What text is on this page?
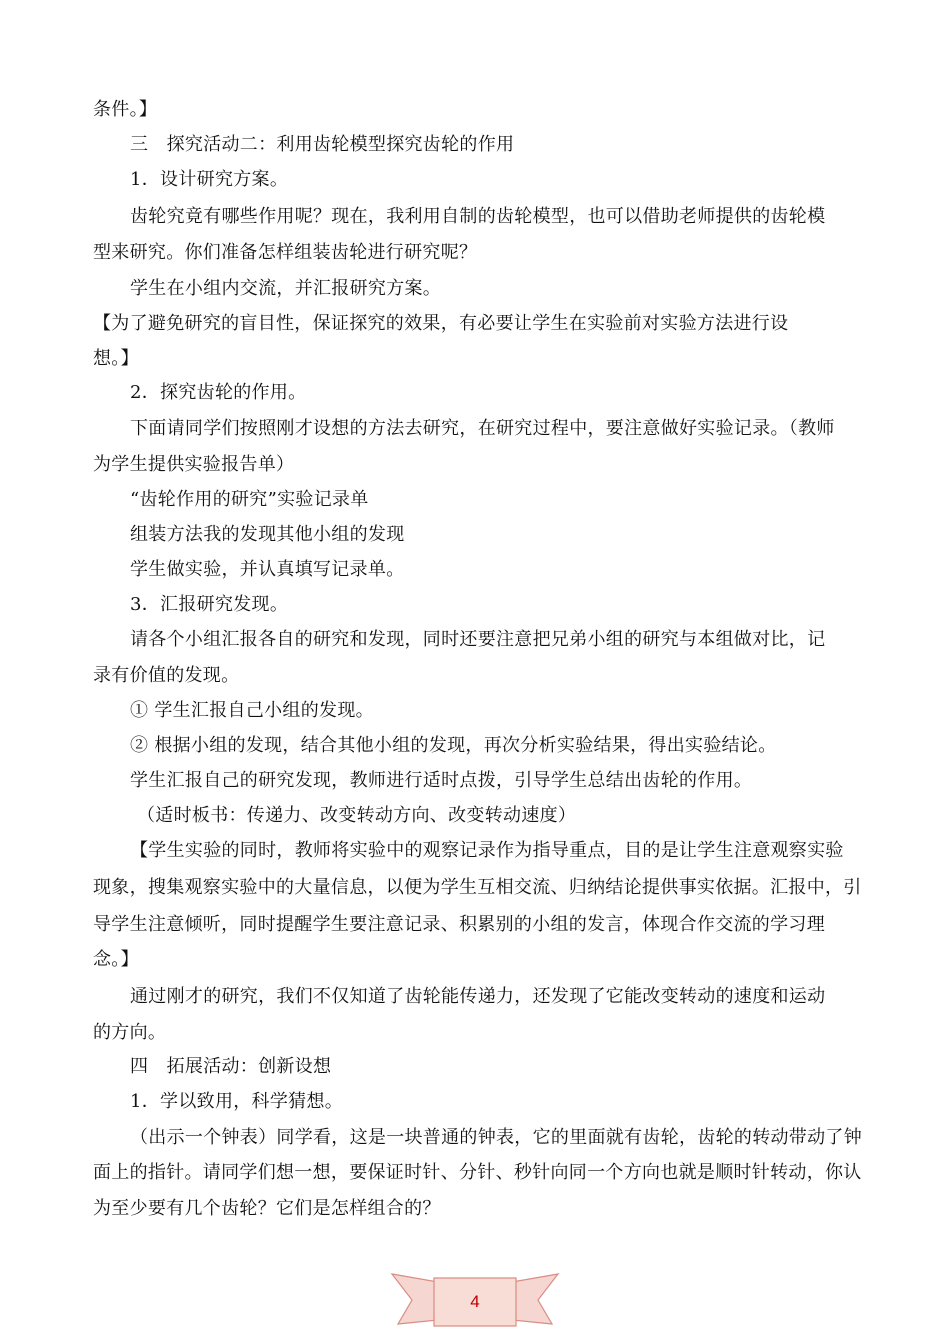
条件。】
三　探究活动二：利用齿轮模型探究齿轮的作用
1．设计研究方案。
齿轮究竟有哪些作用呢？现在，我利用自制的齿轮模型，也可以借助老师提供的齿轮模
型来研究。你们准备怎样组装齿轮进行研究呢？
学生在小组内交流，并汇报研究方案。
【为了避免研究的盲目性，保证探究的效果，有必要让学生在实验前对实验方法进行设
想。】
2．探究齿轮的作用。
下面请同学们按照刚才设想的方法去研究，在研究过程中，要注意做好实验记录。（教师
为学生提供实验报告单）
“齿轮作用的研究”实验记录单
组装方法我的发现其他小组的发现
学生做实验，并认真填写记录单。
3．汇报研究发现。
请各个小组汇报各自的研究和发现，同时还要注意把兄弟小组的研究与本组做对比，记
录有价值的发现。
① 学生汇报自己小组的发现。
② 根据小组的发现，结合其他小组的发现，再次分析实验结果，得出实验结论。
学生汇报自己的研究发现，教师进行适时点拨，引导学生总结出齿轮的作用。
（适时板书：传递力、改变转动方向、改变转动速度）
【学生实验的同时，教师将实验中的观察记录作为指导重点，目的是让学生注意观察实验
现象，搜集观察实验中的大量信息，以便为学生互相交流、归纳结论提供事实依据。汇报中，引
导学生注意倾听，同时提醒学生要注意记录、积累别的小组的发言，体现合作交流的学习理
念。】
通过刚才的研究，我们不仅知道了齿轮能传递力，还发现了它能改变转动的速度和运动
的方向。
四　拓展活动：创新设想
1．学以致用，科学猜想。
（出示一个钟表）同学看，这是一块普通的钟表，它的里面就有齿轮，齿轮的转动带动了钟
面上的指针。请同学们想一想，要保证时针、分针、秒针向同一个方向也就是顺时针转动，你认
为至少要有几个齿轮？它们是怎样组合的？
4
